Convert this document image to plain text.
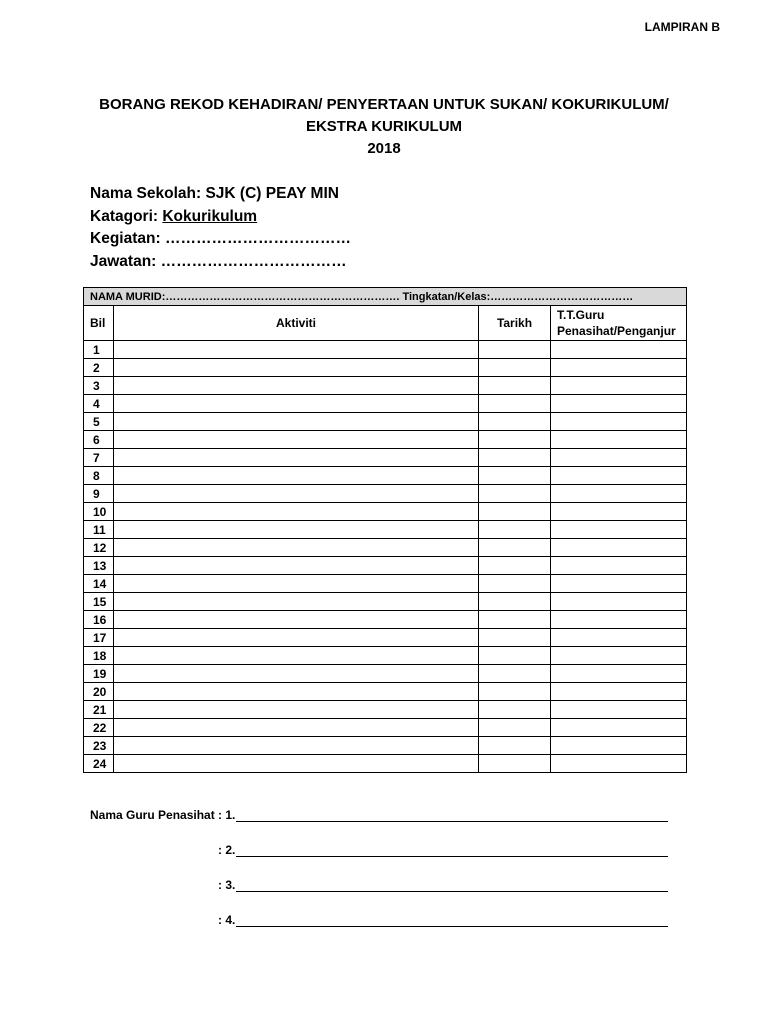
LAMPIRAN B
BORANG REKOD KEHADIRAN/ PENYERTAAN UNTUK SUKAN/ KOKURIKULUM/
EKSTRA KURIKULUM
2018
Nama Sekolah: SJK (C) PEAY MIN
Katagori: Kokurikulum
Kegiatan: ………………………………
Jawatan: ………………………………
NAMA MURID:………………………………………………………. Tingkatan/Kelas:…………………………………			
Bil	Aktiviti	Tarikh	T.T.Guru
Penasihat/Penganjur

1			
2			
3			
4			
5			
6			
7			
8			
9			
10			
11			
12			
13			
14			
15			
16			
17			
18			
19			
20			
21			
22			
23			
24			
Nama Guru Penasihat : 1.
: 2.
: 3.
: 4.
